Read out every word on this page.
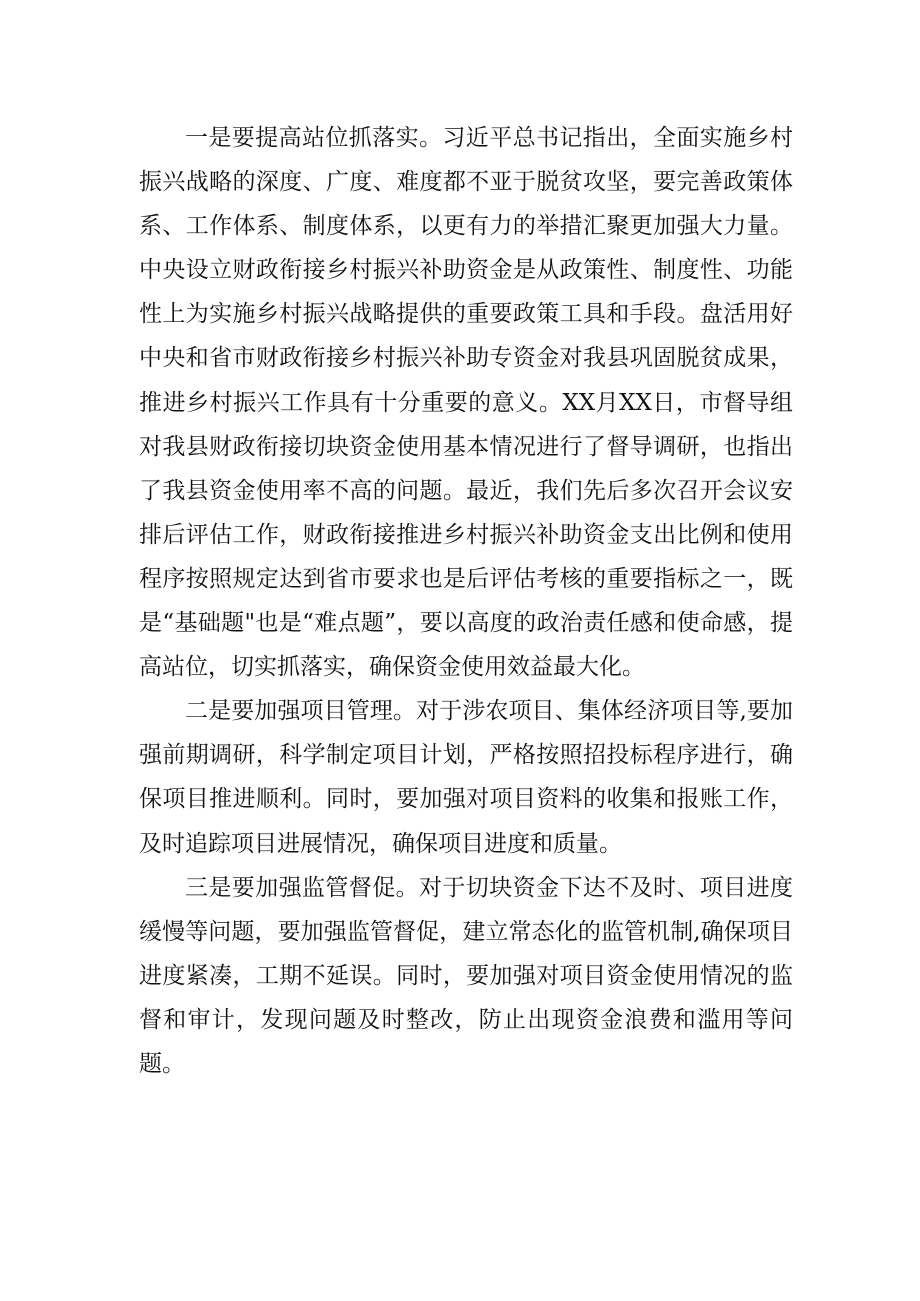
一是要提高站位抓落实。习近平总书记指出，全面实施乡村振兴战略的深度、广度、难度都不亚于脱贫攻坚，要完善政策体系、工作体系、制度体系，以更有力的举措汇聚更加强大力量。中央设立财政衔接乡村振兴补助资金是从政策性、制度性、功能性上为实施乡村振兴战略提供的重要政策工具和手段。盘活用好中央和省市财政衔接乡村振兴补助专资金对我县巩固脱贫成果，推进乡村振兴工作具有十分重要的意义。XX月XX日，市督导组对我县财政衔接切块资金使用基本情况进行了督导调研，也指出了我县资金使用率不高的问题。最近，我们先后多次召开会议安排后评估工作，财政衔接推进乡村振兴补助资金支出比例和使用程序按照规定达到省市要求也是后评估考核的重要指标之一，既是“基础题"也是“难点题”，要以高度的政治责任感和使命感，提高站位，切实抓落实，确保资金使用效益最大化。

二是要加强项目管理。对于涉农项目、集体经济项目等,要加强前期调研，科学制定项目计划，严格按照招投标程序进行，确保项目推进顺利。同时，要加强对项目资料的收集和报账工作，及时追踪项目进展情况，确保项目进度和质量。

三是要加强监管督促。对于切块资金下达不及时、项目进度缓慢等问题，要加强监管督促，建立常态化的监管机制,确保项目进度紧凑，工期不延误。同时，要加强对项目资金使用情况的监督和审计，发现问题及时整改，防止出现资金浪费和滥用等问题。
